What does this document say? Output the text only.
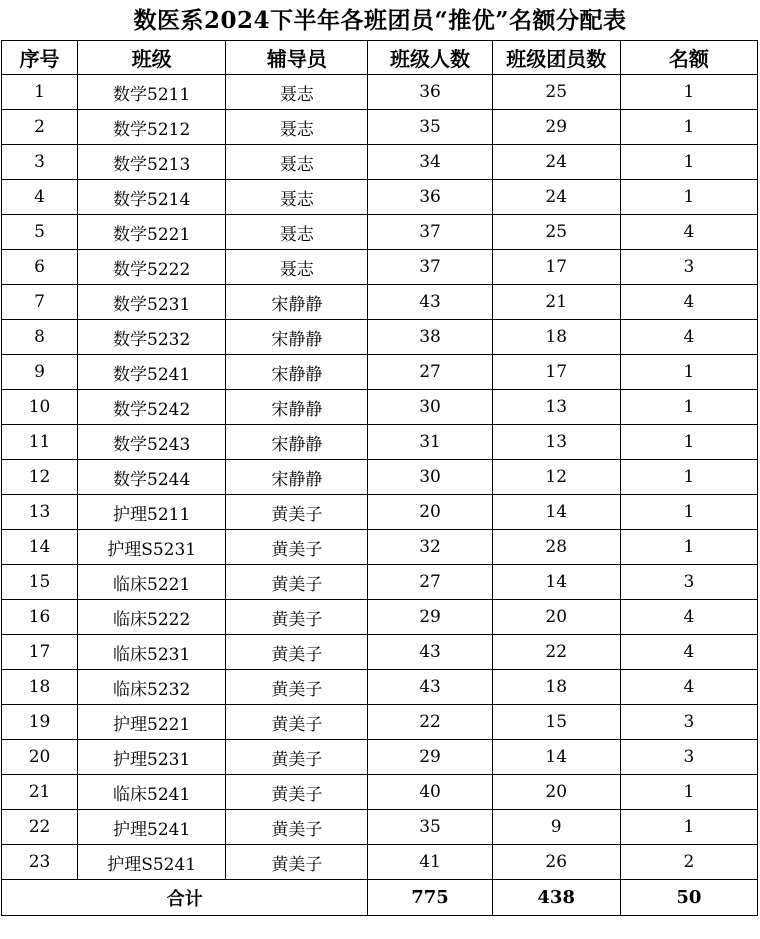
数医系2024下半年各班团员“推优”名额分配表
序号	班级	辅导员	班级人数	班级团员数	名额
1	数学5211	聂志	36	25	1
2	数学5212	聂志	35	29	1
3	数学5213	聂志	34	24	1
4	数学5214	聂志	36	24	1
5	数学5221	聂志	37	25	4
6	数学5222	聂志	37	17	3
7	数学5231	宋静静	43	21	4
8	数学5232	宋静静	38	18	4
9	数学5241	宋静静	27	17	1
10	数学5242	宋静静	30	13	1
11	数学5243	宋静静	31	13	1
12	数学5244	宋静静	30	12	1
13	护理5211	黄美子	20	14	1
14	护理S5231	黄美子	32	28	1
15	临床5221	黄美子	27	14	3
16	临床5222	黄美子	29	20	4
17	临床5231	黄美子	43	22	4
18	临床5232	黄美子	43	18	4
19	护理5221	黄美子	22	15	3
20	护理5231	黄美子	29	14	3
21	临床5241	黄美子	40	20	1
22	护理5241	黄美子	35	9	1
23	护理S5241	黄美子	41	26	2
合计			775	438	50
